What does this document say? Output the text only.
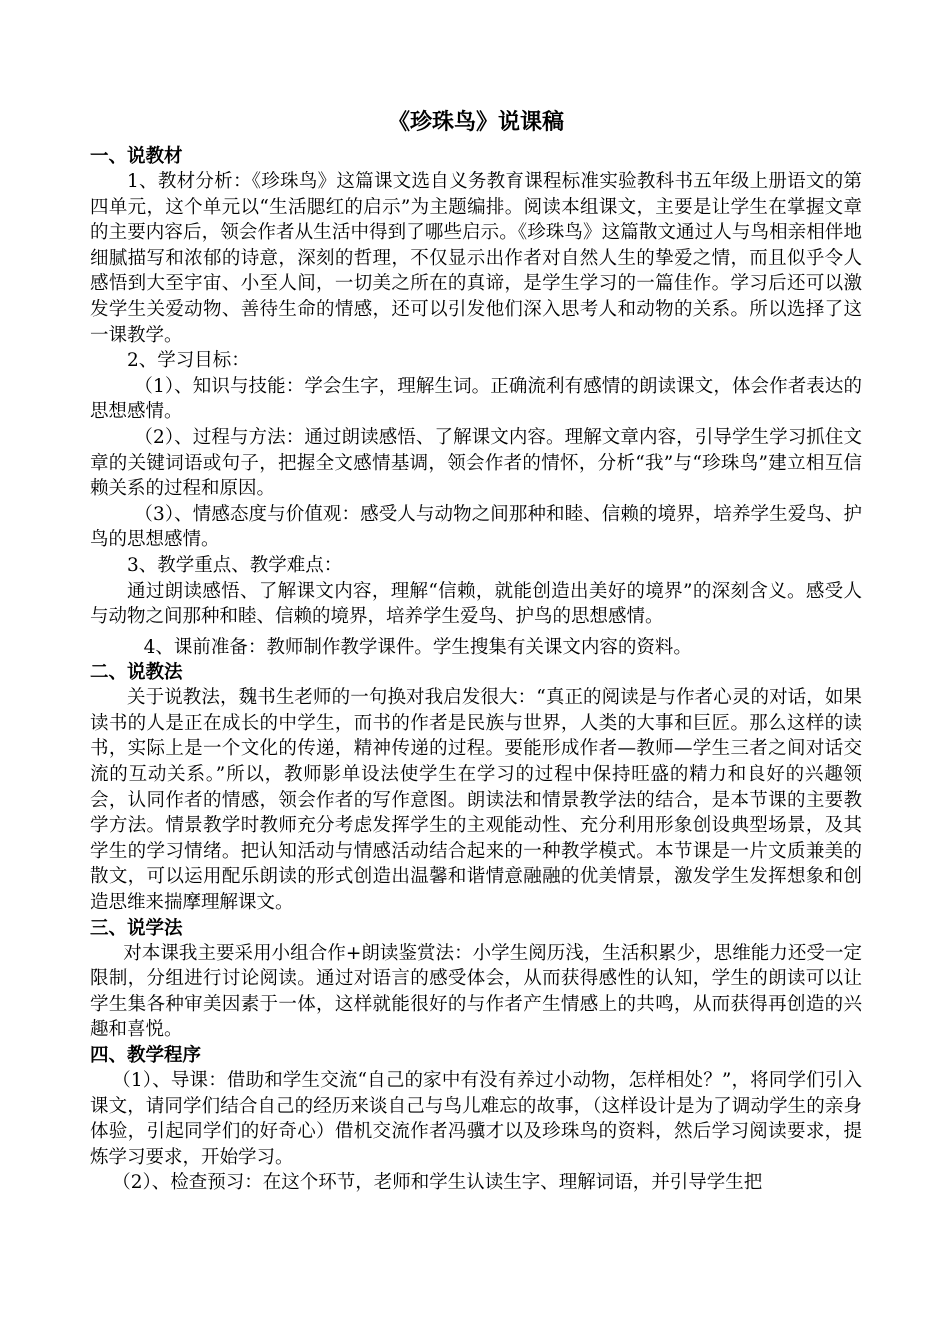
《珍珠鸟》说课稿
一、说教材

1、教材分析：《珍珠鸟》这篇课文选自义务教育课程标准实验教科书五年级上册语文的第四单元，这个单元以“生活腮红的启示”为主题编排。阅读本组课文，主要是让学生在掌握文章的主要内容后，领会作者从生活中得到了哪些启示。《珍珠鸟》这篇散文通过人与鸟相亲相伴地细腻描写和浓郁的诗意，深刻的哲理，不仅显示出作者对自然人生的挚爱之情，而且似乎令人感悟到大至宇宙、小至人间，一切美之所在的真谛，是学生学习的一篇佳作。学习后还可以激发学生关爱动物、善待生命的情感，还可以引发他们深入思考人和动物的关系。所以选择了这一课教学。

2、学习目标：

（1）、知识与技能：学会生字，理解生词。正确流利有感情的朗读课文，体会作者表达的思想感情。

（2）、过程与方法：通过朗读感悟、了解课文内容。理解文章内容，引导学生学习抓住文章的关键词语或句子，把握全文感情基调，领会作者的情怀，分析“我”与“珍珠鸟”建立相互信赖关系的过程和原因。

（3）、情感态度与价值观：感受人与动物之间那种和睦、信赖的境界，培养学生爱鸟、护鸟的思想感情。

3、教学重点、教学难点：

通过朗读感悟、了解课文内容，理解“信赖，就能创造出美好的境界”的深刻含义。感受人与动物之间那种和睦、信赖的境界，培养学生爱鸟、护鸟的思想感情。

4、课前准备：教师制作教学课件。学生搜集有关课文内容的资料。

二、说教法

关于说教法，魏书生老师的一句换对我启发很大：“真正的阅读是与作者心灵的对话，如果读书的人是正在成长的中学生，而书的作者是民族与世界，人类的大事和巨匠。那么这样的读书，实际上是一个文化的传递，精神传递的过程。要能形成作者—教师—学生三者之间对话交流的互动关系。”所以，教师影单设法使学生在学习的过程中保持旺盛的精力和良好的兴趣领会，认同作者的情感，领会作者的写作意图。朗读法和情景教学法的结合，是本节课的主要教学方法。情景教学时教师充分考虑发挥学生的主观能动性、充分利用形象创设典型场景，及其学生的学习情绪。把认知活动与情感活动结合起来的一种教学模式。本节课是一片文质兼美的散文，可以运用配乐朗读的形式创造出温馨和谐情意融融的优美情景，激发学生发挥想象和创造思维来揣摩理解课文。

三、说学法

对本课我主要采用小组合作+朗读鉴赏法：小学生阅历浅，生活积累少，思维能力还受一定限制，分组进行讨论阅读。通过对语言的感受体会，从而获得感性的认知，学生的朗读可以让学生集各种审美因素于一体，这样就能很好的与作者产生情感上的共鸣，从而获得再创造的兴趣和喜悦。

四、教学程序

（1）、导课：借助和学生交流“自己的家中有没有养过小动物，怎样相处？”，将同学们引入课文，请同学们结合自己的经历来谈自己与鸟儿难忘的故事，（这样设计是为了调动学生的亲身体验，引起同学们的好奇心）借机交流作者冯骥才以及珍珠鸟的资料，然后学习阅读要求，提炼学习要求，开始学习。

（2）、检查预习：在这个环节，老师和学生认读生字、理解词语，并引导学生把
